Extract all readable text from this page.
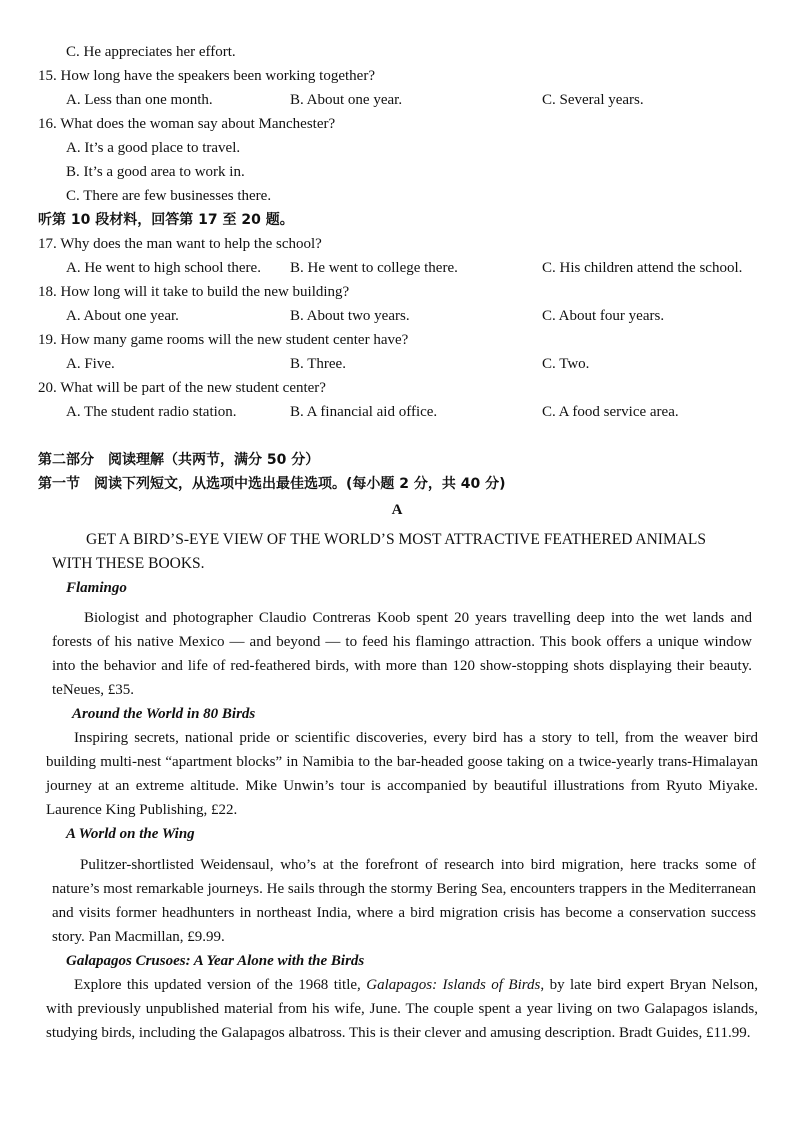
C. He appreciates her effort.
15. How long have the speakers been working together?
A. Less than one month.	B. About one year.	C. Several years.
16. What does the woman say about Manchester?
A. It’s a good place to travel.
B. It’s a good area to work in.
C. There are few businesses there.
听第 10 段材料，回答第 17 至 20 题。
17. Why does the man want to help the school?
A. He went to high school there. B. He went to college there.	C. His children attend the school.
18. How long will it take to build the new building?
A. About one year.	B. About two years.	C. About four years.
19. How many game rooms will the new student center have?
A. Five.	B. Three.	C. Two.
20. What will be part of the new student center?
A. The student radio station.	B. A financial aid office.	C. A food service area.
第二部分　阅读理解（共两节，满分 50 分）
第一节　阅读下列短文，从选项中选出最佳选项。(每小题 2 分，共 40 分)
A
GET A BIRD’S-EYE VIEW OF THE WORLD’S MOST ATTRACTIVE FEATHERED ANIMALS
WITH THESE BOOKS.
Flamingo
Biologist and photographer Claudio Contreras Koob spent 20 years travelling deep into the wet lands and forests of his native Mexico — and beyond — to feed his flamingo attraction. This book offers a unique window into the behavior and life of red-feathered birds, with more than 120 show-stopping shots displaying their beauty. teNeues, £35.
Around the World in 80 Birds
Inspiring secrets, national pride or scientific discoveries, every bird has a story to tell, from the weaver bird building multi-nest “apartment blocks” in Namibia to the bar-headed goose taking on a twice-yearly trans-Himalayan journey at an extreme altitude. Mike Unwin’s tour is accompanied by beautiful illustrations from Ryuto Miyake. Laurence King Publishing, £22.
A World on the Wing
Pulitzer-shortlisted Weidensaul, who’s at the forefront of research into bird migration, here tracks some of nature’s most remarkable journeys. He sails through the stormy Bering Sea, encounters trappers in the Mediterranean and visits former headhunters in northeast India, where a bird migration crisis has become a conservation success story. Pan Macmillan, £9.99.
Galapagos Crusoes: A Year Alone with the Birds
Explore this updated version of the 1968 title, Galapagos: Islands of Birds, by late bird expert Bryan Nelson, with previously unpublished material from his wife, June. The couple spent a year living on two Galapagos islands, studying birds, including the Galapagos albatross. This is their clever and amusing description. Bradt Guides, £11.99.
